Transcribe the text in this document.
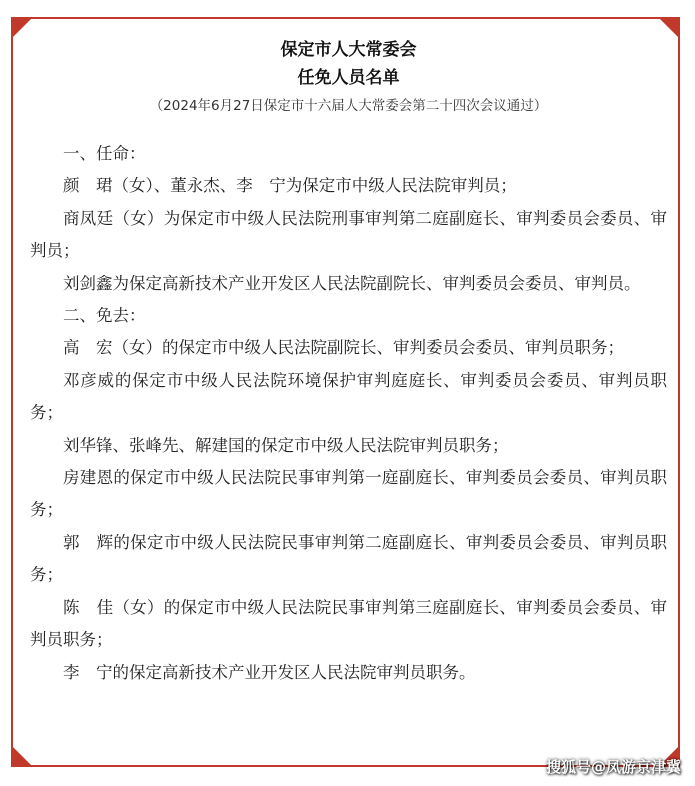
保定市人大常委会
任免人员名单

（2024年6月27日保定市十六届人大常委会第二十四次会议通过）

一、任命：

颜　珺（女）、董永杰、李　宁为保定市中级人民法院审判员；

商凤廷（女）为保定市中级人民法院刑事审判第二庭副庭长、审判委员会委员、审判员；

刘剑鑫为保定高新技术产业开发区人民法院副院长、审判委员会委员、审判员。

二、免去：

高　宏（女）的保定市中级人民法院副院长、审判委员会委员、审判员职务；

邓彦威的保定市中级人民法院环境保护审判庭庭长、审判委员会委员、审判员职务；

刘华锋、张峰先、解建国的保定市中级人民法院审判员职务；

房建恩的保定市中级人民法院民事审判第一庭副庭长、审判委员会委员、审判员职务；

郭　辉的保定市中级人民法院民事审判第二庭副庭长、审判委员会委员、审判员职务；

陈　佳（女）的保定市中级人民法院民事审判第三庭副庭长、审判委员会委员、审判员职务；

李　宁的保定高新技术产业开发区人民法院审判员职务。

搜狐号@凤游京津冀
